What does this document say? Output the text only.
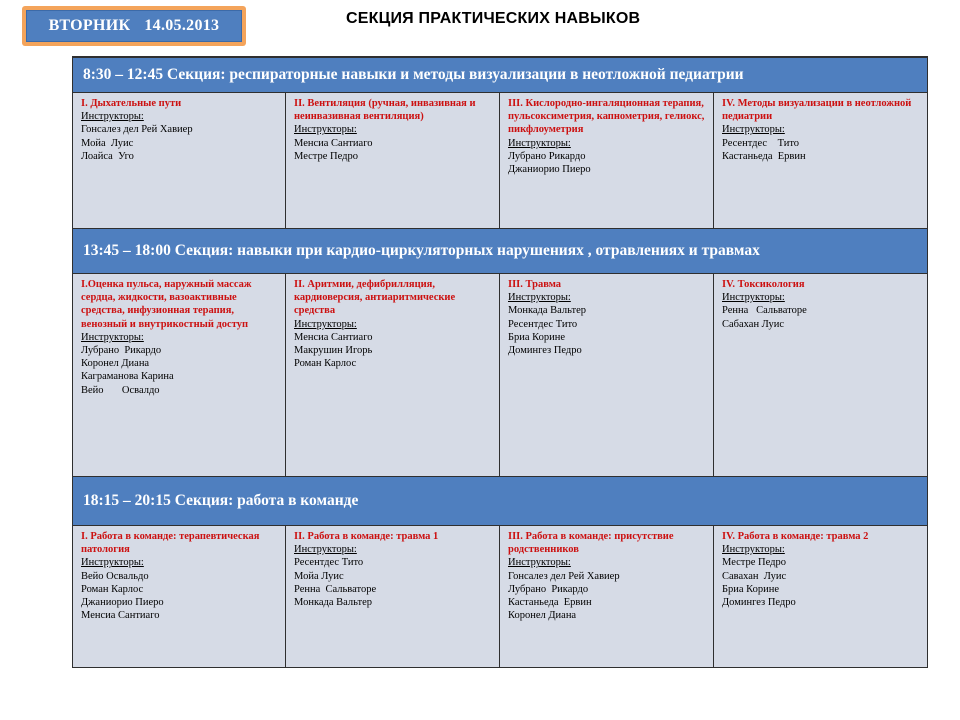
ВТОРНИК 14.05.2013	СЕКЦИЯ ПРАКТИЧЕСКИХ НАВЫКОВ
8:30 – 12:45 Секция: респираторные навыки и методы визуализации в неотложной педиатрии
I. Дыхательные пути
Инструкторы:
Гонсалез дел Рей Хавиер
Мойа  Луис
Лоайса  Уго
II. Вентиляция (ручная, инвазивная и неинвазивная вентиляция)
Инструкторы:
Менсиа Сантиаго
Местре Педро
III. Кислородно-ингаляционная терапия, пульсоксиметрия, капнометрия, гелиокс, пикфлоуметрия
Инструкторы:
Лубрано Рикардо
Джаниорио Пиеро
IV. Методы визуализации в неотложной педиатрии
Инструкторы:
Ресентдес    Тито
Кастаньеда  Ервин
13:45 – 18:00 Секция: навыки при кардио-циркуляторных нарушениях , отравлениях и травмах
I.Оценка пульса, наружный массаж сердца, жидкости, вазоактивные средства, инфузионная терапия, венозный и внутрикостный доступ
Инструкторы:
Лубрано  Рикардо
Коронел Диана
Каграманова Карина
Вейо       Освалдо
II. Аритмии, дефибрилляция, кардиоверсия, антиаритмические средства
Инструкторы:
Менсиа Сантиаго
Макрушин Игорь
Роман Карлос
III. Травма
Инструкторы:
Монкада Вальтер
Ресентдес Тито
Бриа Корине
Домингез Педро
IV. Токсикология
Инструкторы:
Ренна   Сальваторе
Сабахан Луис
18:15 – 20:15 Секция: работа в команде
I. Работа в команде: терапевтическая патология
Инструкторы:
Вейо Освальдо
Роман Карлос
Джаниорио Пиеро
Менсиа Сантиаго
II. Работа в команде: травма 1
Инструкторы:
Ресентдес Тито
Мойа Луис
Ренна  Сальваторе
Монкада Вальтер
III. Работа в команде: присутствие родственников
Инструкторы:
Гонсалез дел Рей Хавиер
Лубрано  Рикардо
Кастаньеда  Ервин
Коронел Диана
IV. Работа в команде: травма 2
Инструкторы:
Местре Педро
Савахан  Луис
Бриа Корине
Домингез Педро
